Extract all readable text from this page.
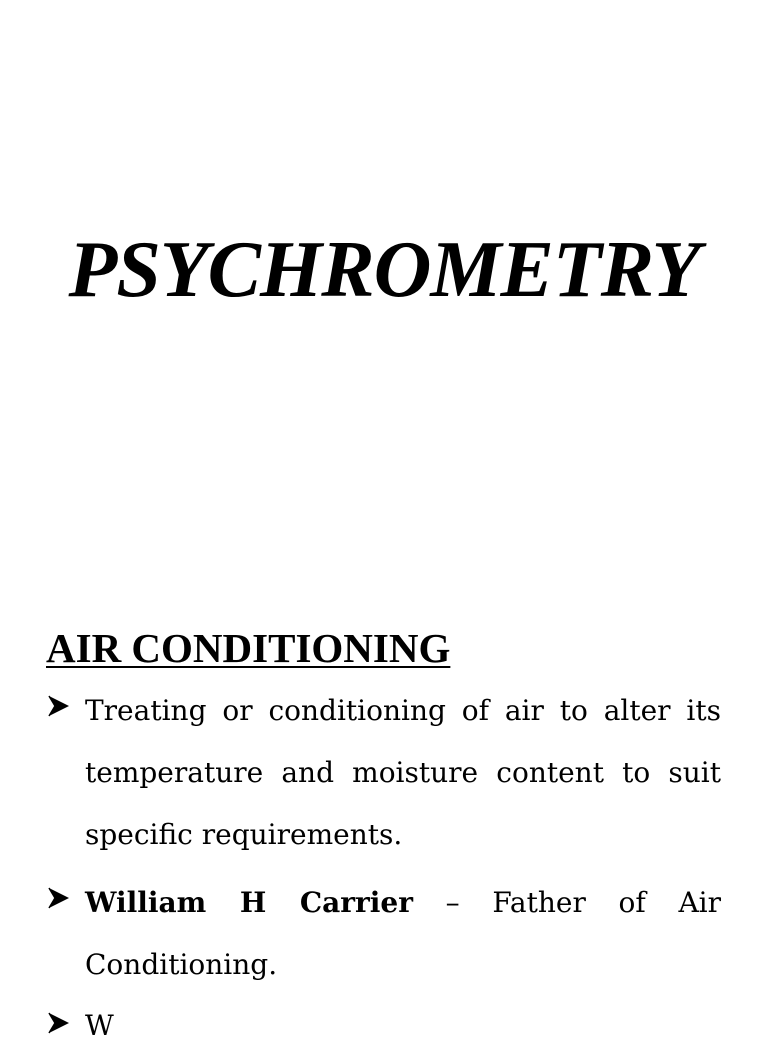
PSYCHROMETRY
AIR CONDITIONING
Treating or conditioning of air to alter its temperature and moisture content to suit specific requirements.
William H Carrier – Father of Air Conditioning.
W
